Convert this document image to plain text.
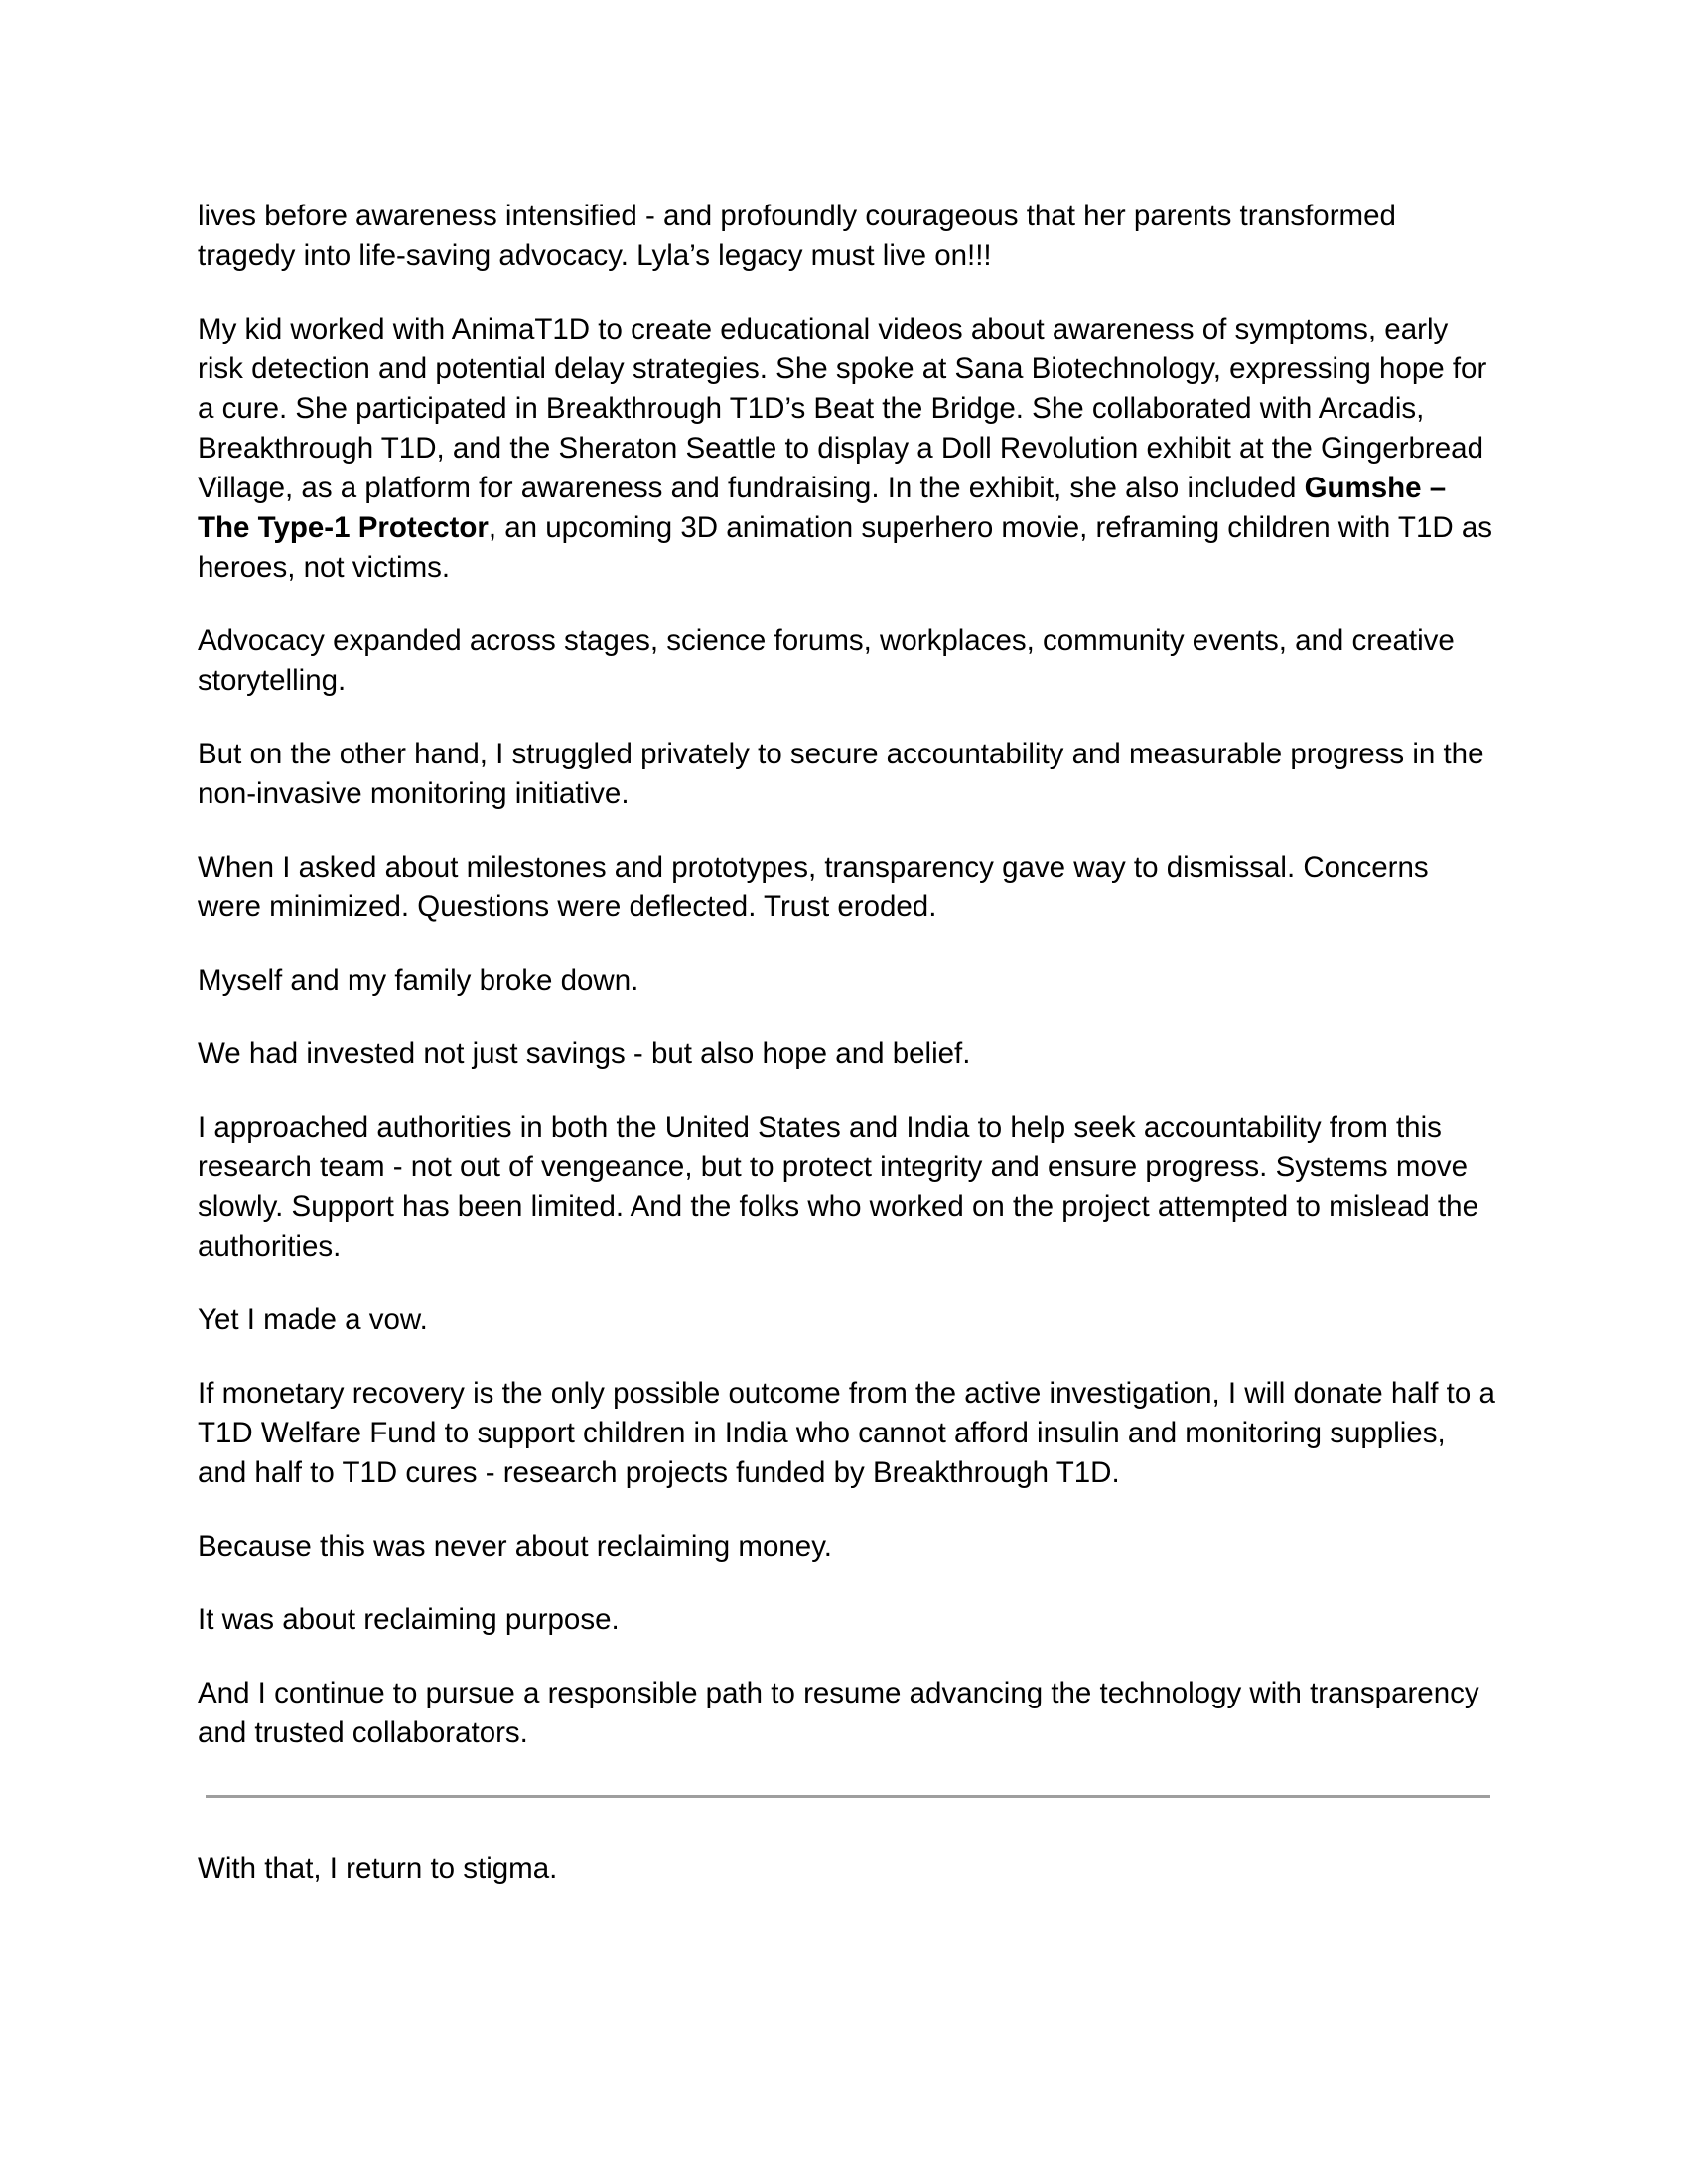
lives before awareness intensified - and profoundly courageous that her parents transformed tragedy into life-saving advocacy. Lyla’s legacy must live on!!!

My kid worked with AnimaT1D to create educational videos about awareness of symptoms, early risk detection and potential delay strategies. She spoke at Sana Biotechnology, expressing hope for a cure. She participated in Breakthrough T1D’s Beat the Bridge. She collaborated with Arcadis, Breakthrough T1D, and the Sheraton Seattle to display a Doll Revolution exhibit at the Gingerbread Village, as a platform for awareness and fundraising. In the exhibit, she also included Gumshe – The Type-1 Protector, an upcoming 3D animation superhero movie, reframing children with T1D as heroes, not victims.

Advocacy expanded across stages, science forums, workplaces, community events, and creative storytelling.

But on the other hand, I struggled privately to secure accountability and measurable progress in the non-invasive monitoring initiative.

When I asked about milestones and prototypes, transparency gave way to dismissal. Concerns were minimized. Questions were deflected. Trust eroded.

Myself and my family broke down.

We had invested not just savings - but also hope and belief.

I approached authorities in both the United States and India to help seek accountability from this research team - not out of vengeance, but to protect integrity and ensure progress. Systems move slowly. Support has been limited. And the folks who worked on the project attempted to mislead the authorities.

Yet I made a vow.

If monetary recovery is the only possible outcome from the active investigation, I will donate half to a T1D Welfare Fund to support children in India who cannot afford insulin and monitoring supplies, and half to T1D cures - research projects funded by Breakthrough T1D.

Because this was never about reclaiming money.

It was about reclaiming purpose.

And I continue to pursue a responsible path to resume advancing the technology with transparency and trusted collaborators.

With that, I return to stigma.
